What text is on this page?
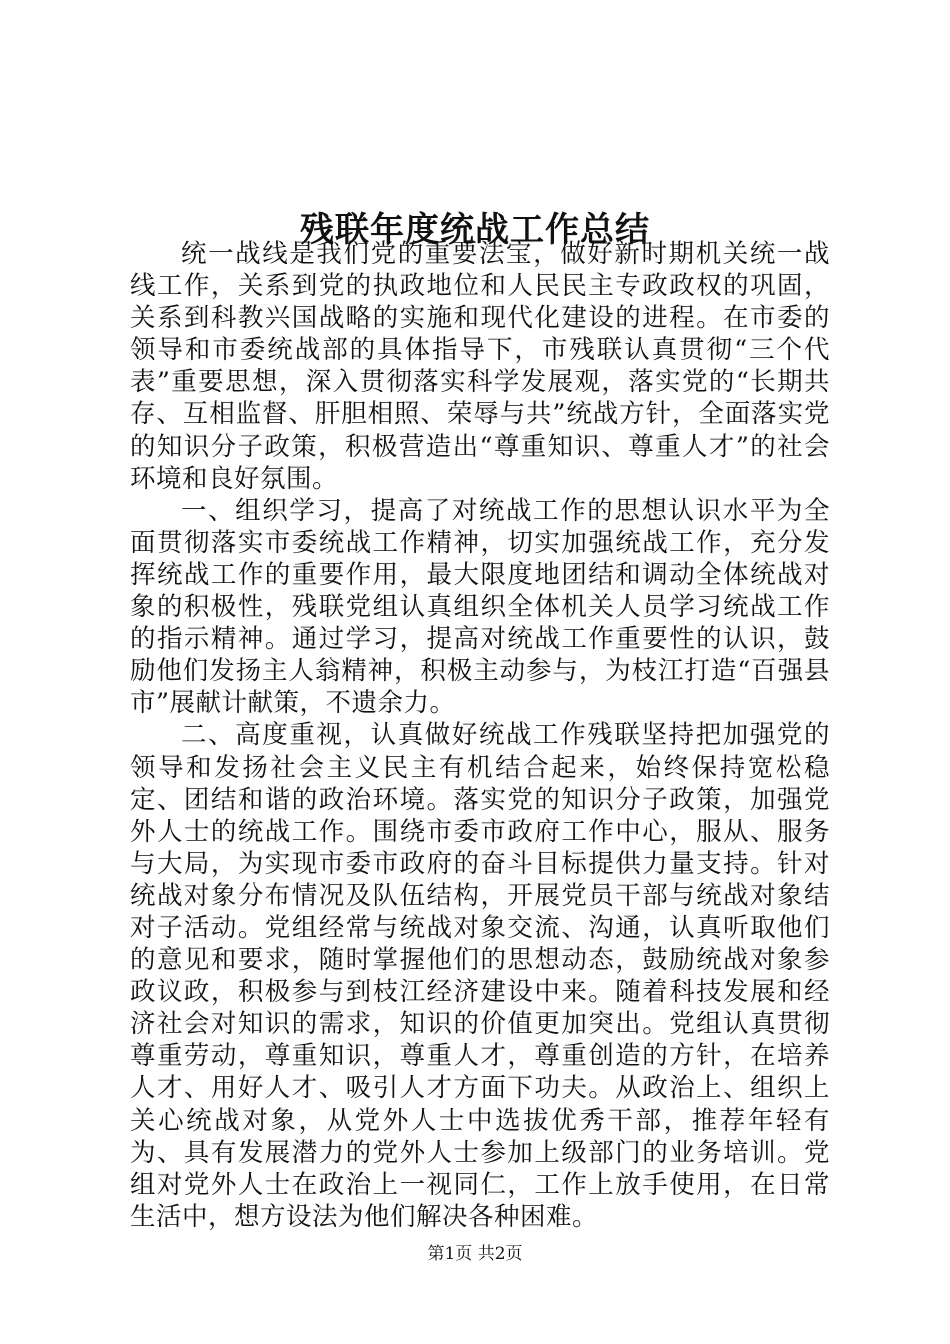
残联年度统战工作总结

统一战线是我们党的重要法宝，做好新时期机关统一战线工作，关系到党的执政地位和人民民主专政政权的巩固，关系到科教兴国战略的实施和现代化建设的进程。在市委的领导和市委统战部的具体指导下，市残联认真贯彻“三个代表”重要思想，深入贯彻落实科学发展观，落实党的“长期共存、互相监督、肝胆相照、荣辱与共”统战方针，全面落实党的知识分子政策，积极营造出“尊重知识、尊重人才”的社会环境和良好氛围。

一、组织学习，提高了对统战工作的思想认识水平为全面贯彻落实市委统战工作精神，切实加强统战工作，充分发挥统战工作的重要作用，最大限度地团结和调动全体统战对象的积极性，残联党组认真组织全体机关人员学习统战工作的指示精神。通过学习，提高对统战工作重要性的认识，鼓励他们发扬主人翁精神，积极主动参与，为枝江打造“百强县市”展献计献策，不遗余力。

二、高度重视，认真做好统战工作残联坚持把加强党的领导和发扬社会主义民主有机结合起来，始终保持宽松稳定、团结和谐的政治环境。落实党的知识分子政策，加强党外人士的统战工作。围绕市委市政府工作中心，服从、服务与大局，为实现市委市政府的奋斗目标提供力量支持。针对统战对象分布情况及队伍结构，开展党员干部与统战对象结对子活动。党组经常与统战对象交流、沟通，认真听取他们的意见和要求，随时掌握他们的思想动态，鼓励统战对象参政议政，积极参与到枝江经济建设中来。随着科技发展和经济社会对知识的需求，知识的价值更加突出。党组认真贯彻尊重劳动，尊重知识，尊重人才，尊重创造的方针，在培养人才、用好人才、吸引人才方面下功夫。从政治上、组织上关心统战对象，从党外人士中选拔优秀干部，推荐年轻有为、具有发展潜力的党外人士参加上级部门的业务培训。党组对党外人士在政治上一视同仁，工作上放手使用，在日常生活中，想方设法为他们解决各种困难。

第1页 共2页
